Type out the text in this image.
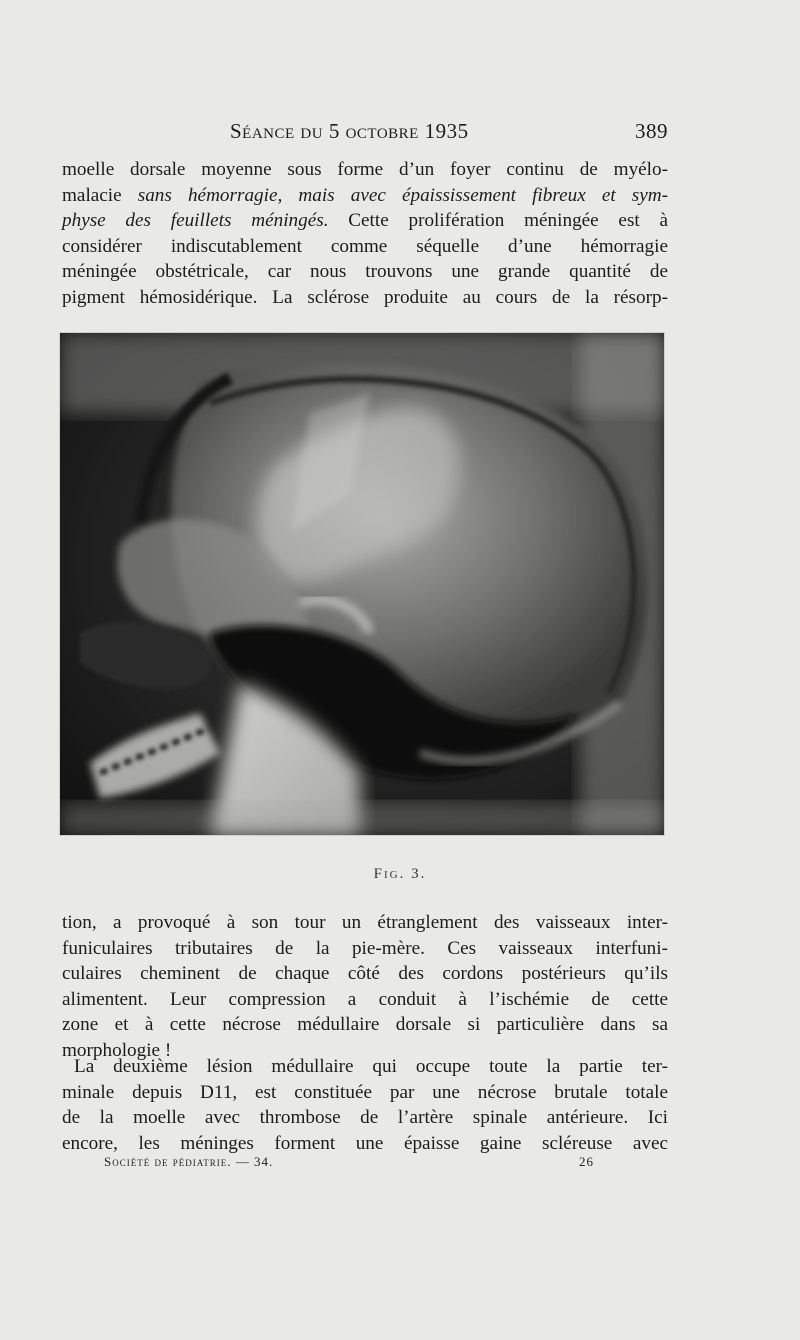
Séance du 5 octobre 1935	389

moelle dorsale moyenne sous forme d’un foyer continu de myélo-
malacie sans hémorragie, mais avec épaississement fibreux et sym-
physe des feuillets méningés. Cette prolifération méningée est à
considérer indiscutablement comme séquelle d’une hémorragie
méningée obstétricale, car nous trouvons une grande quantité de
pigment hémosidérique. La sclérose produite au cours de la résorp-

Fig. 3.

tion, a provoqué à son tour un étranglement des vaisseaux inter-
funiculaires tributaires de la pie-mère. Ces vaisseaux interfuni-
culaires cheminent de chaque côté des cordons postérieurs qu’ils
alimentent. Leur compression a conduit à l’ischémie de cette
zone et à cette nécrose médullaire dorsale si particulière dans sa
morphologie !

La deuxième lésion médullaire qui occupe toute la partie ter-
minale depuis D11, est constituée par une nécrose brutale totale
de la moelle avec thrombose de l’artère spinale antérieure. Ici
encore, les méninges forment une épaisse gaine scléreuse avec

Société de pédiatrie. — 34.	26
